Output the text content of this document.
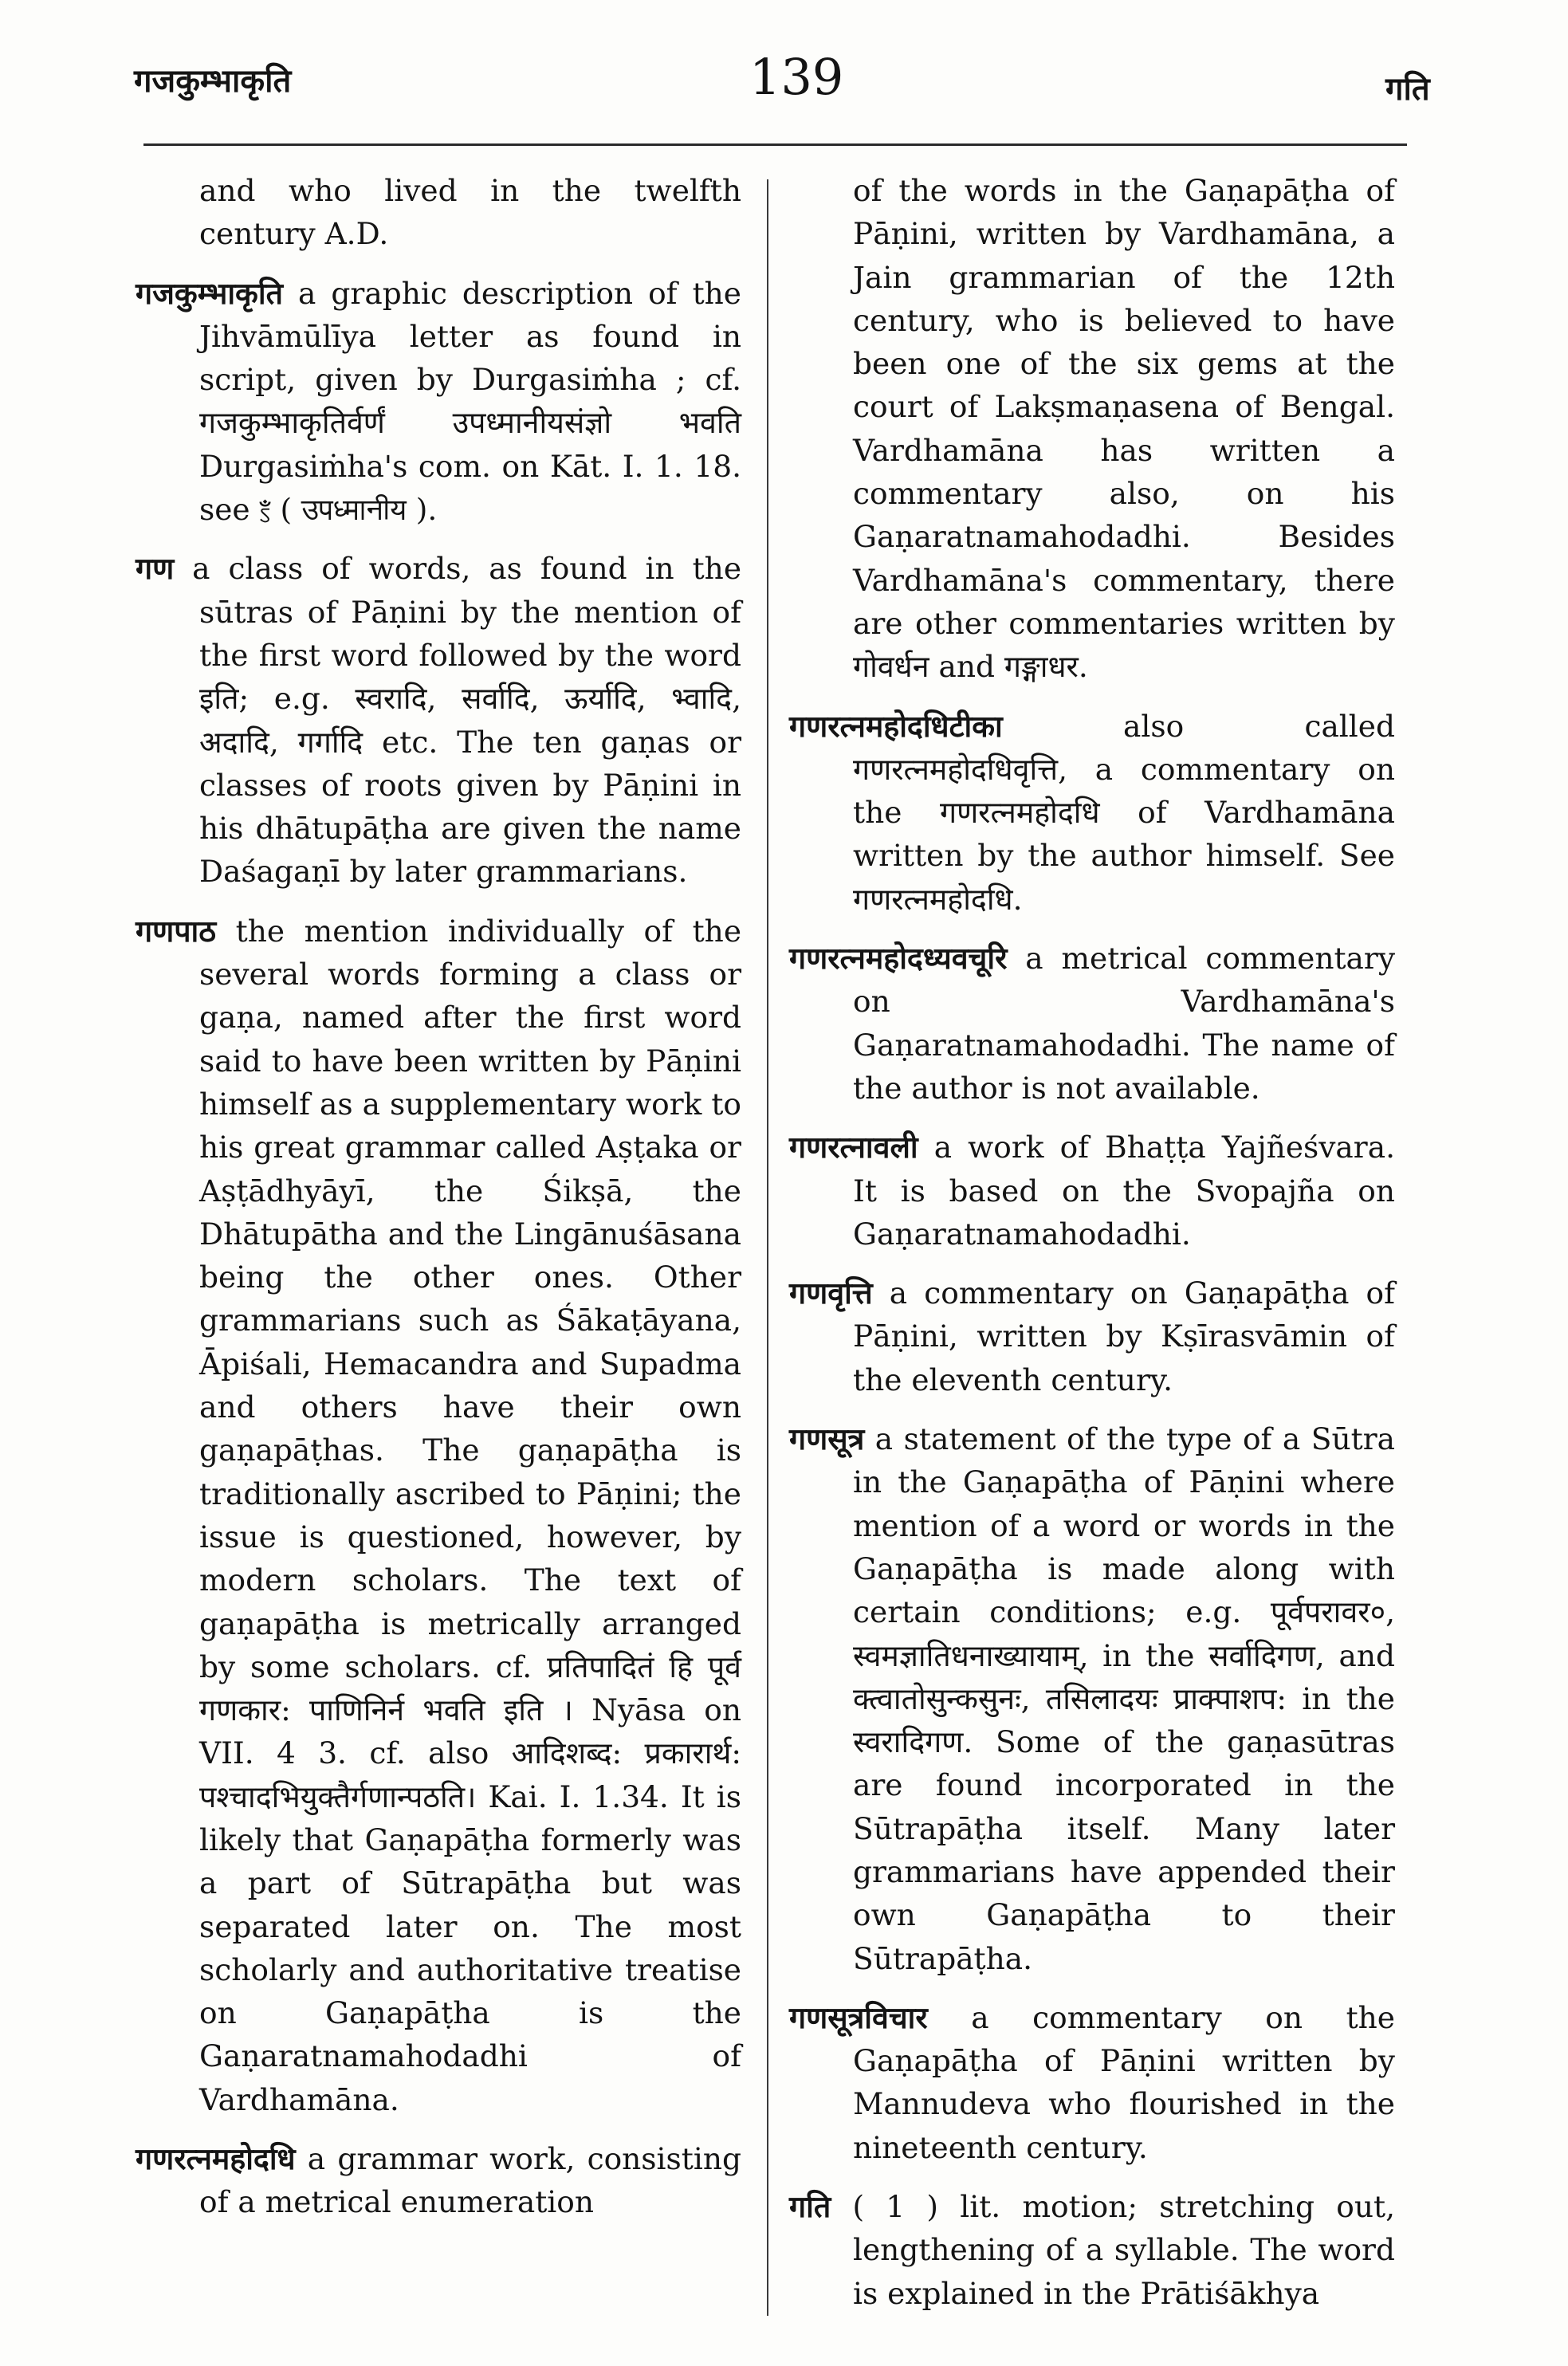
गजकुम्भाकृति	139	गति

and who lived in the twelfth century A.D.

गजकुम्भाकृति a graphic description of the Jihvāmūlīya letter as found in script, given by Durgasiṁha ; cf. गजकुम्भाकृतिर्वर्णं उपध्मानीयसंज्ञो भवति Durgasiṁha's com. on Kāt. I. 1. 18. see ꣷ ( उपध्मानीय ).

गण a class of words, as found in the sūtras of Pāṇini by the mention of the first word followed by the word इति; e.g. स्वरादि, सर्वादि, ऊर्यादि, भ्वादि, अदादि, गर्गादि etc. The ten gaṇas or classes of roots given by Pāṇini in his dhātupāṭha are given the name Daśagaṇī by later grammarians.

गणपाठ the mention individually of the several words forming a class or gaṇa, named after the first word said to have been written by Pāṇini himself as a supplementary work to his great grammar called Aṣṭaka or Aṣṭādhyāyī, the Śikṣā, the Dhātupātha and the Lingānuśāsana being the other ones. Other grammarians such as Śākaṭāyana, Āpiśali, Hemacandra and Supadma and others have their own gaṇapāṭhas. The gaṇapāṭha is traditionally ascribed to Pāṇini; the issue is questioned, however, by modern scholars. The text of gaṇapāṭha is metrically arranged by some scholars. cf. प्रतिपादितं हि पूर्व गणकार: पाणिनिर्न भवति इति । Nyāsa on VII. 4 3. cf. also आदिशब्द: प्रकारार्थ: पश्चादभियुक्तैर्गणान्पठति। Kai. I. 1.34. It is likely that Gaṇapāṭha formerly was a part of Sūtrapāṭha but was separated later on. The most scholarly and authoritative treatise on Gaṇapāṭha is the Gaṇaratnamahodadhi of Vardhamāna.

गणरत्नमहोदधि a grammar work, consisting of a metrical enumeration

of the words in the Gaṇapāṭha of Pāṇini, written by Vardhamāna, a Jain grammarian of the 12th century, who is believed to have been one of the six gems at the court of Lakṣmaṇasena of Bengal. Vardhamāna has written a commentary also, on his Gaṇaratnamahodadhi. Besides Vardhamāna's commentary, there are other commentaries written by गोवर्धन and गङ्गाधर.

गणरत्नमहोदधिटीका	also called गणरत्नमहोदधिवृत्ति, a commentary on the गणरत्नमहोदधि of Vardhamāna written by the author himself. See गणरत्नमहोदधि.

गणरत्नमहोदध्यवचूरि a metrical commentary on Vardhamāna's Gaṇaratnamahodadhi. The name of the author is not available.

गणरत्नावली a work of Bhaṭṭa Yajñeśvara. It is based on the Svopajña on Gaṇaratnamahodadhi.

गणवृत्ति a commentary on Gaṇapāṭha of Pāṇini, written by Kṣīrasvāmin of the eleventh century.

गणसूत्र a statement of the type of a Sūtra in the Gaṇapāṭha of Pāṇini where mention of a word or words in the Gaṇapāṭha is made along with certain conditions; e.g. पूर्वपरावर०, स्वमज्ञातिधनाख्यायाम्, in the सर्वादिगण, and क्त्वातोसुन्कसुनः, तसिलादयः प्राक्पाशप: in the स्वरादिगण. Some of the gaṇasūtras are found incorporated in the Sūtrapāṭha itself. Many later grammarians have appended their own Gaṇapāṭha to their Sūtrapāṭha.

गणसूत्रविचार a commentary on the Gaṇapāṭha of Pāṇini written by Mannudeva who flourished in the nineteenth century.

गति ( 1 ) lit. motion; stretching out, lengthening of a syllable. The word is explained in the Prātiśākhya
